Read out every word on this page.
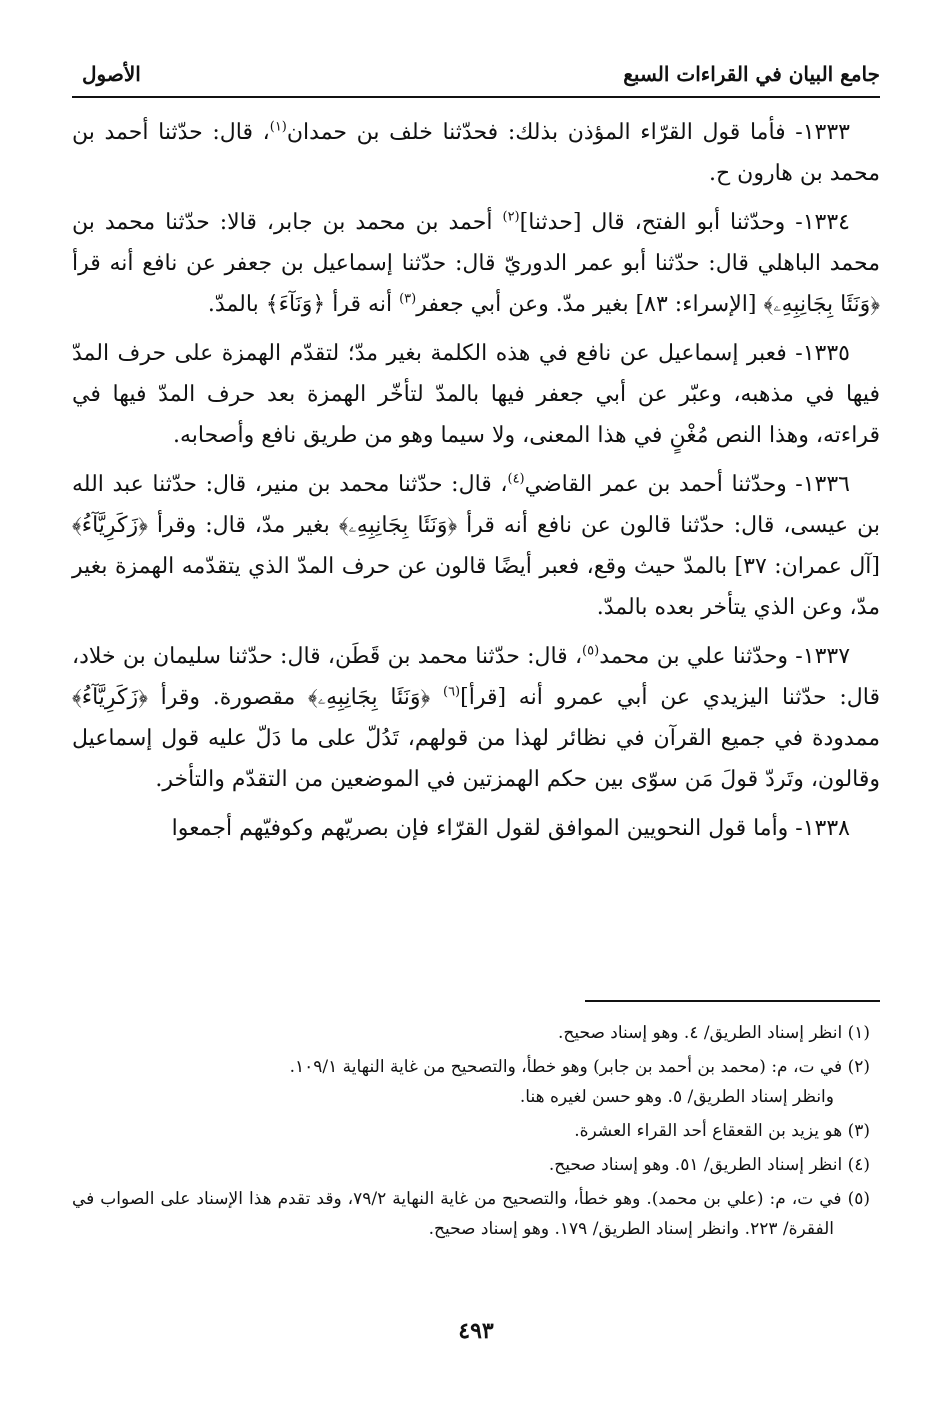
جامع البيان في القراءات السبع
الأصول

١٣٣٣- فأما قول القرّاء المؤذن بذلك: فحدّثنا خلف بن حمدان$^{(١)}$، قال: حدّثنا أحمد بن محمد بن هارون ح.

١٣٣٤- وحدّثنا أبو الفتح، قال [حدثنا]$^{(٢)}$ أحمد بن محمد بن جابر، قالا: حدّثنا محمد بن محمد الباهلي قال: حدّثنا أبو عمر الدوريّ قال: حدّثنا إسماعيل بن جعفر عن نافع أنه قرأ ﴿وَنَئَا بِجَانِبِهِۦ﴾ [الإسراء: ٨٣] بغير مدّ. وعن أبي جعفر$^{(٣)}$ أنه قرأ ﴿وَنَآءَ﴾ بالمدّ.

١٣٣٥- فعبر إسماعيل عن نافع في هذه الكلمة بغير مدّ؛ لتقدّم الهمزة على حرف المدّ فيها في مذهبه، وعبّر عن أبي جعفر فيها بالمدّ لتأخّر الهمزة بعد حرف المدّ فيها في قراءته، وهذا النص مُغْنٍ في هذا المعنى، ولا سيما وهو من طريق نافع وأصحابه.

١٣٣٦- وحدّثنا أحمد بن عمر القاضي$^{(٤)}$، قال: حدّثنا محمد بن منير، قال: حدّثنا عبد الله بن عيسى، قال: حدّثنا قالون عن نافع أنه قرأ ﴿وَنَئَا بِجَانِبِهِۦ﴾ بغير مدّ، قال: وقرأ ﴿زَكَرِيَّآءُ﴾ [آل عمران: ٣٧] بالمدّ حيث وقع، فعبر أيضًا قالون عن حرف المدّ الذي يتقدّمه الهمزة بغير مدّ، وعن الذي يتأخر بعده بالمدّ.

١٣٣٧- وحدّثنا علي بن محمد$^{(٥)}$، قال: حدّثنا محمد بن قَطَن، قال: حدّثنا سليمان بن خلاد، قال: حدّثنا اليزيدي عن أبي عمرو أنه [قرأ]$^{(٦)}$ ﴿وَنَئَا بِجَانِبِهِۦ﴾ مقصورة. وقرأ ﴿زَكَرِيَّآءُ﴾ ممدودة في جميع القرآن في نظائر لهذا من قولهم، تَدُلّ على ما دَلّ عليه قول إسماعيل وقالون، وتَردّ قولَ مَن سوّى بين حكم الهمزتين في الموضعين من التقدّم والتأخر.

١٣٣٨- وأما قول النحويين الموافق لقول القرّاء فإن بصريّهم وكوفيّهم أجمعوا

(١) انظر إسناد الطريق/ ٤. وهو إسناد صحيح.

(٢) في ت، م: (محمد بن أحمد بن جابر) وهو خطأ، والتصحيح من غاية النهاية ١٠٩/١.
وانظر إسناد الطريق/ ٥. وهو حسن لغيره هنا.

(٣) هو يزيد بن القعقاع أحد القراء العشرة.

(٤) انظر إسناد الطريق/ ٥١. وهو إسناد صحيح.

(٥) في ت، م: (علي بن محمد). وهو خطأ، والتصحيح من غاية النهاية ٧٩/٢، وقد تقدم هذا الإسناد على الصواب في الفقرة/ ٢٢٣. وانظر إسناد الطريق/ ١٧٩. وهو إسناد صحيح.

٤٩٣
